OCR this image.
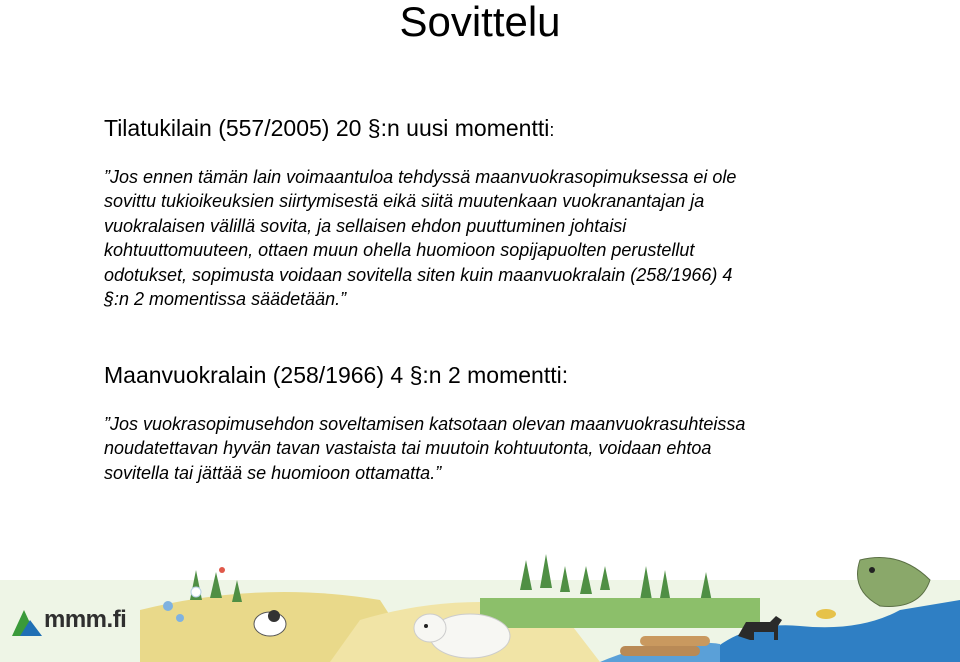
Sovittelu
Tilatukilain (557/2005) 20 §:n uusi momentti:

”Jos ennen tämän lain voimaantuloa tehdyssä maanvuokrasopimuksessa ei ole

sovittu tukioikeuksien siirtymisestä eikä siitä muutenkaan vuokranantajan ja

vuokralaisen välillä sovita, ja sellaisen ehdon puuttuminen johtaisi

kohtuuttomuuteen, ottaen muun ohella huomioon sopijapuolten perustellut

odotukset, sopimusta voidaan sovitella siten kuin maanvuokralain (258/1966) 4

§:n 2 momentissa säädetään.”

Maanvuokralain (258/1966) 4 §:n 2 momentti:

”Jos vuokrasopimusehdon soveltamisen katsotaan olevan maanvuokrasuhteissa

noudatettavan hyvän tavan vastaista tai muutoin kohtuutonta, voidaan ehtoa

sovitella tai jättää se huomioon ottamatta.”

mmm.fi
